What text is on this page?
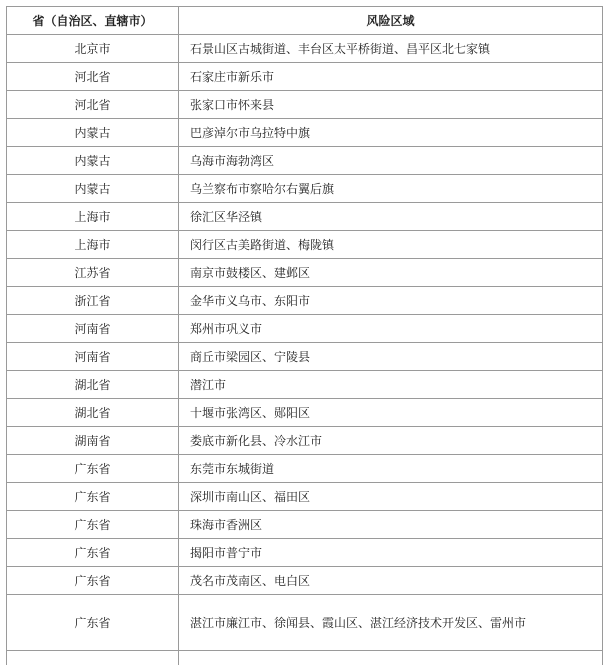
省（自治区、直辖市）	风险区域
北京市	石景山区古城街道、丰台区太平桥街道、昌平区北七家镇
河北省	石家庄市新乐市
河北省	张家口市怀来县
内蒙古	巴彦淖尔市乌拉特中旗
内蒙古	乌海市海勃湾区
内蒙古	乌兰察布市察哈尔右翼后旗
上海市	徐汇区华泾镇
上海市	闵行区古美路街道、梅陇镇
江苏省	南京市鼓楼区、建邺区
浙江省	金华市义乌市、东阳市
河南省	郑州市巩义市
河南省	商丘市梁园区、宁陵县
湖北省	潜江市
湖北省	十堰市张湾区、郧阳区
湖南省	娄底市新化县、冷水江市
广东省	东莞市东城街道
广东省	深圳市南山区、福田区
广东省	珠海市香洲区
广东省	揭阳市普宁市
广东省	茂名市茂南区、电白区
广东省	湛江市廉江市、徐闻县、霞山区、湛江经济技术开发区、雷州市
